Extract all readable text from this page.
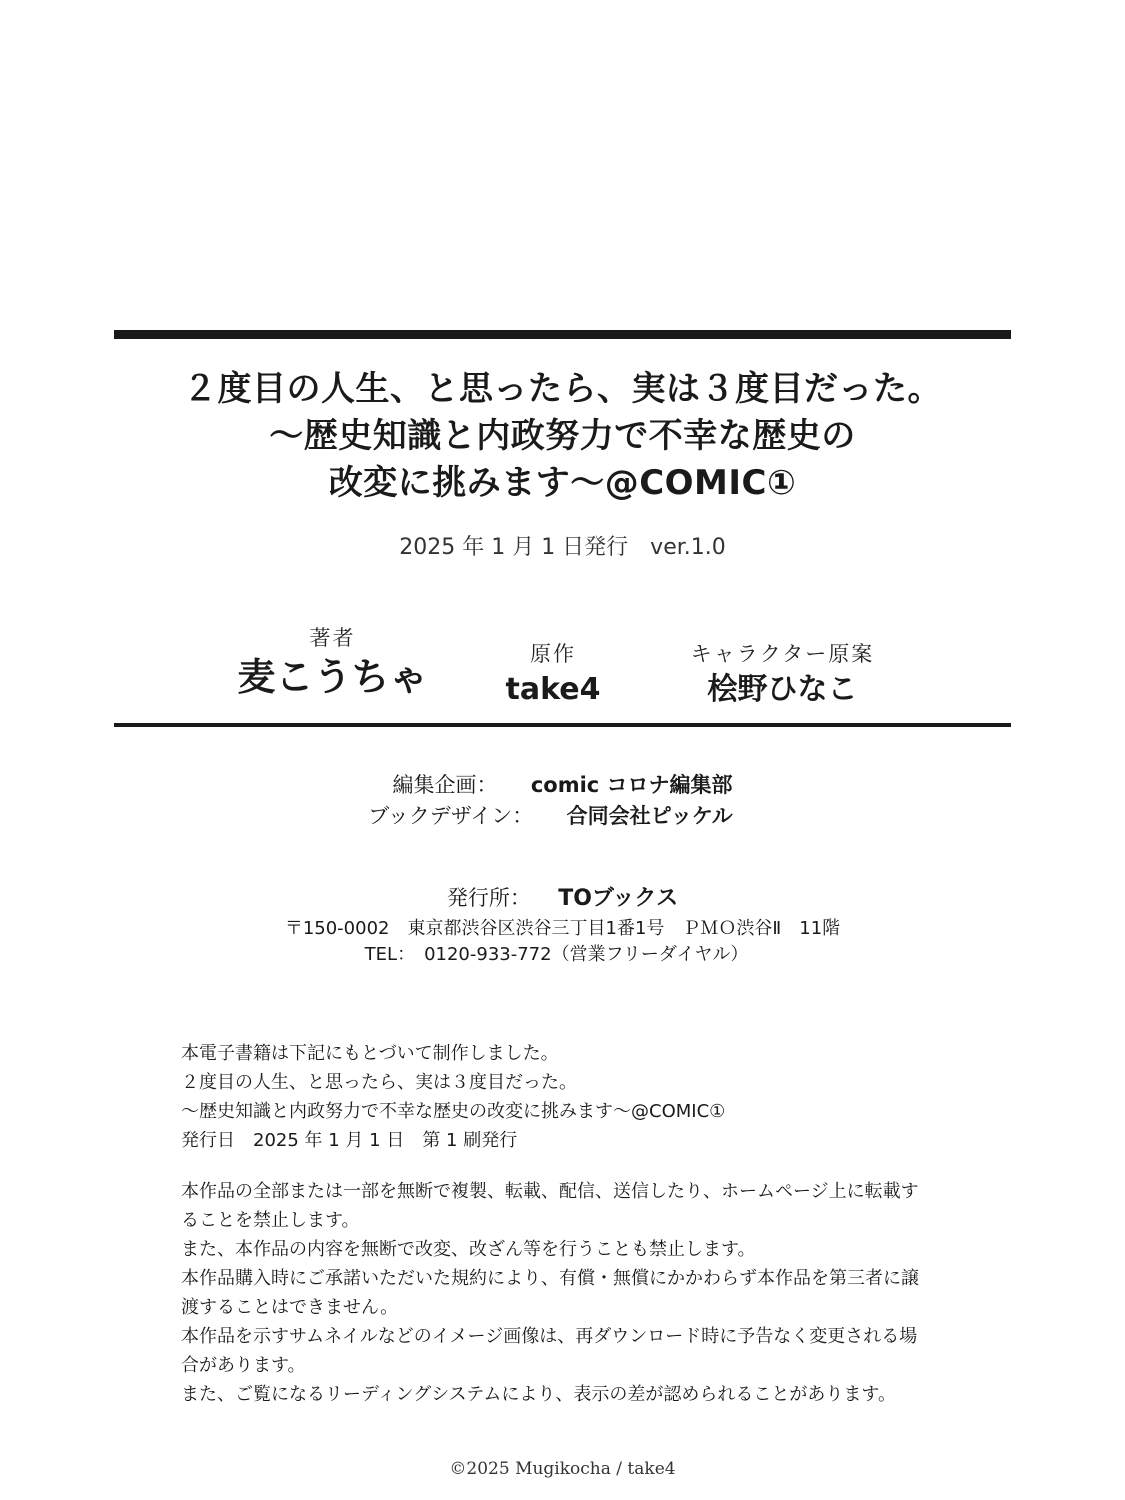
２度目の人生、と思ったら、実は３度目だった。
～歴史知識と内政努力で不幸な歴史の
改変に挑みます～@COMIC①
2025 年 1 月 1 日発行　ver.1.0
著者
麦こうちゃ
原作
take4
キャラクター原案
桧野ひなこ
編集企画： comic コロナ編集部
ブックデザイン： 合同会社ピッケル
発行所： TOブックス
〒150-0002　東京都渋谷区渋谷三丁目1番1号　ＰＭＯ渋谷Ⅱ　11階
TEL：　0120-933-772（営業フリーダイヤル）
本電子書籍は下記にもとづいて制作しました。
２度目の人生、と思ったら、実は３度目だった。
～歴史知識と内政努力で不幸な歴史の改変に挑みます～@COMIC①
発行日　2025 年 1 月 1 日　第 1 刷発行
本作品の全部または一部を無断で複製、転載、配信、送信したり、ホームページ上に転載す
ることを禁止します。
また、本作品の内容を無断で改変、改ざん等を行うことも禁止します。
本作品購入時にご承諾いただいた規約により、有償・無償にかかわらず本作品を第三者に譲
渡することはできません。
本作品を示すサムネイルなどのイメージ画像は、再ダウンロード時に予告なく変更される場
合があります。
また、ご覧になるリーディングシステムにより、表示の差が認められることがあります。
©2025 Mugikocha / take4
